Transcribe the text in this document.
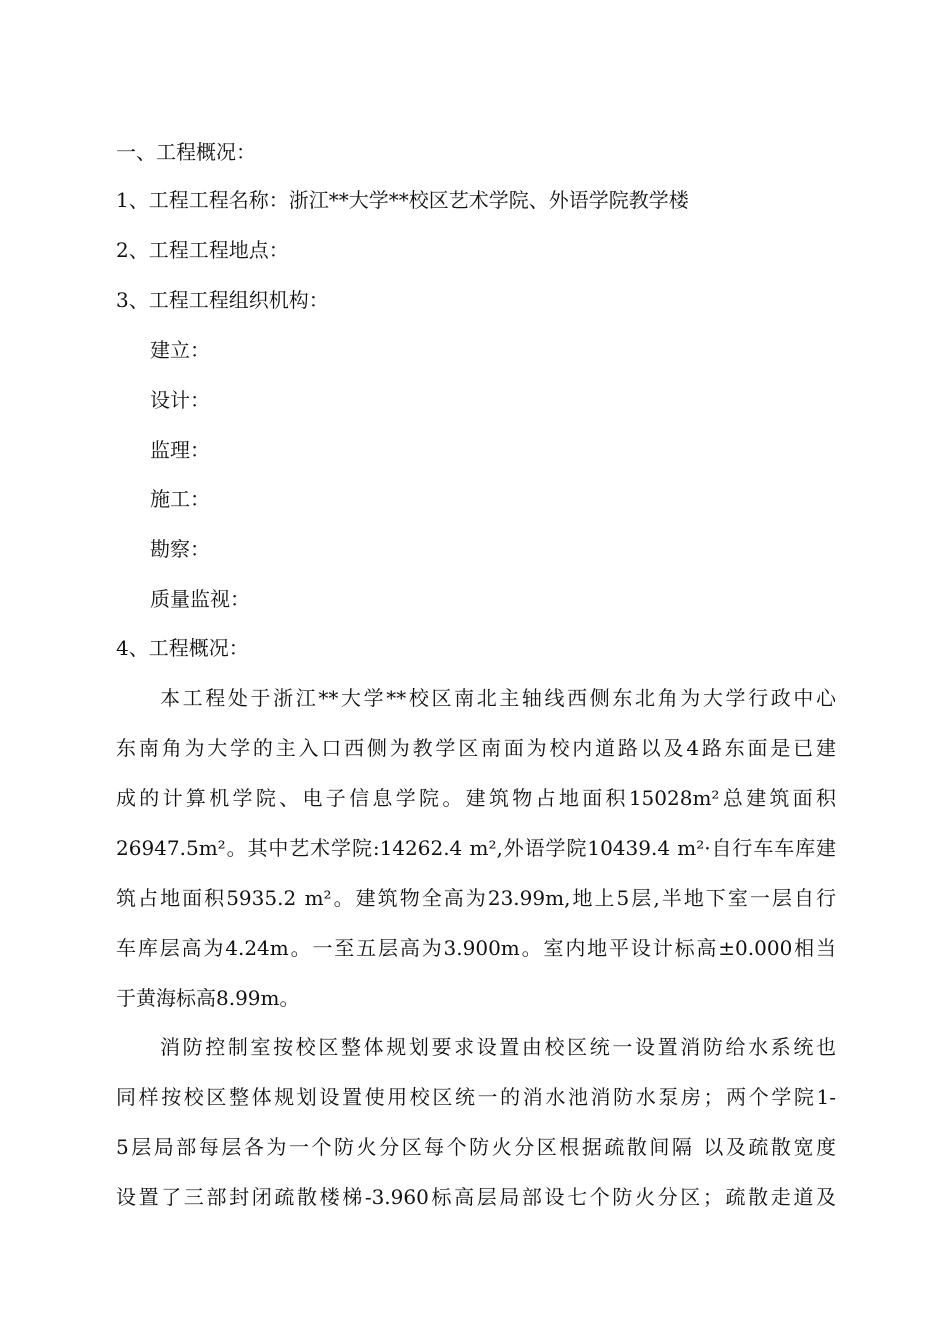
一、工程概况：
1、工程工程名称：浙江**大学**校区艺术学院、外语学院教学楼
2、工程工程地点：
3、工程工程组织机构：
建立：
设计：
监理：
施工：
勘察：
质量监视：
4、工程概况：
本工程处于浙江**大学**校区南北主轴线西侧东北角为大学行政中心
东南角为大学的主入口西侧为教学区南面为校内道路以及4路东面是已建
成的计算机学院、电子信息学院。建筑物占地面积15028m²总建筑面积
26947.5m²。其中艺术学院:14262.4 m²,外语学院10439.4 m²·自行车车库建
筑占地面积5935.2 m²。建筑物全高为23.99m,地上5层,半地下室一层自行
车库层高为4.24m。一至五层高为3.900m。室内地平设计标高±0.000相当
于黄海标高8.99m。
消防控制室按校区整体规划要求设置由校区统一设置消防给水系统也
同样按校区整体规划设置使用校区统一的消水池消防水泵房；两个学院1-
5层局部每层各为一个防火分区每个防火分区根据疏散间隔 以及疏散宽度
设置了三部封闭疏散楼梯-3.960标高层局部设七个防火分区；疏散走道及
